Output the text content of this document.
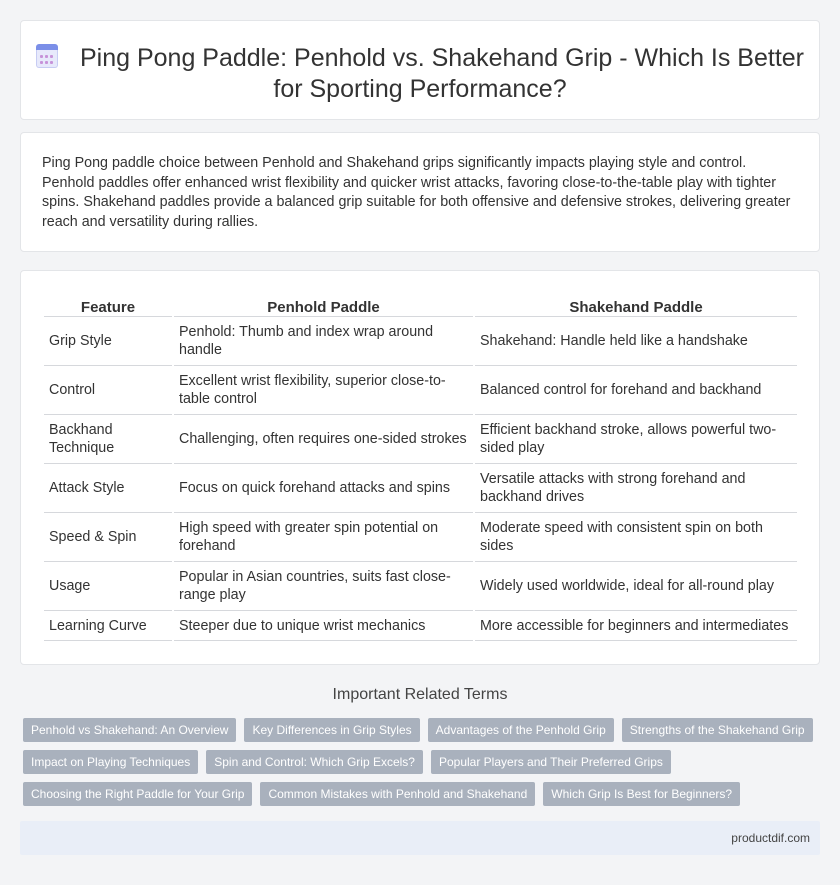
Ping Pong Paddle: Penhold vs. Shakehand Grip - Which Is Better
for Sporting Performance?

Ping Pong paddle choice between Penhold and Shakehand grips significantly impacts playing style and control. Penhold paddles offer enhanced wrist flexibility and quicker wrist attacks, favoring close-to-the-table play with tighter spins. Shakehand paddles provide a balanced grip suitable for both offensive and defensive strokes, delivering greater reach and versatility during rallies.

Feature	Penhold Paddle	Shakehand Paddle
Grip Style	Penhold: Thumb and index wrap around handle	Shakehand: Handle held like a handshake
Control	Excellent wrist flexibility, superior close-to-table control	Balanced control for forehand and backhand
Backhand Technique	Challenging, often requires one-sided strokes	Efficient backhand stroke, allows powerful two-sided play
Attack Style	Focus on quick forehand attacks and spins	Versatile attacks with strong forehand and backhand drives
Speed & Spin	High speed with greater spin potential on forehand	Moderate speed with consistent spin on both sides
Usage	Popular in Asian countries, suits fast close-range play	Widely used worldwide, ideal for all-round play
Learning Curve	Steeper due to unique wrist mechanics	More accessible for beginners and intermediates
Important Related Terms
Penhold vs Shakehand: An Overview	Key Differences in Grip Styles	Advantages of the Penhold Grip	Strengths of the Shakehand Grip
Impact on Playing Techniques	Spin and Control: Which Grip Excels?	Popular Players and Their Preferred Grips
Choosing the Right Paddle for Your Grip	Common Mistakes with Penhold and Shakehand	Which Grip Is Best for Beginners?
productdif.com
